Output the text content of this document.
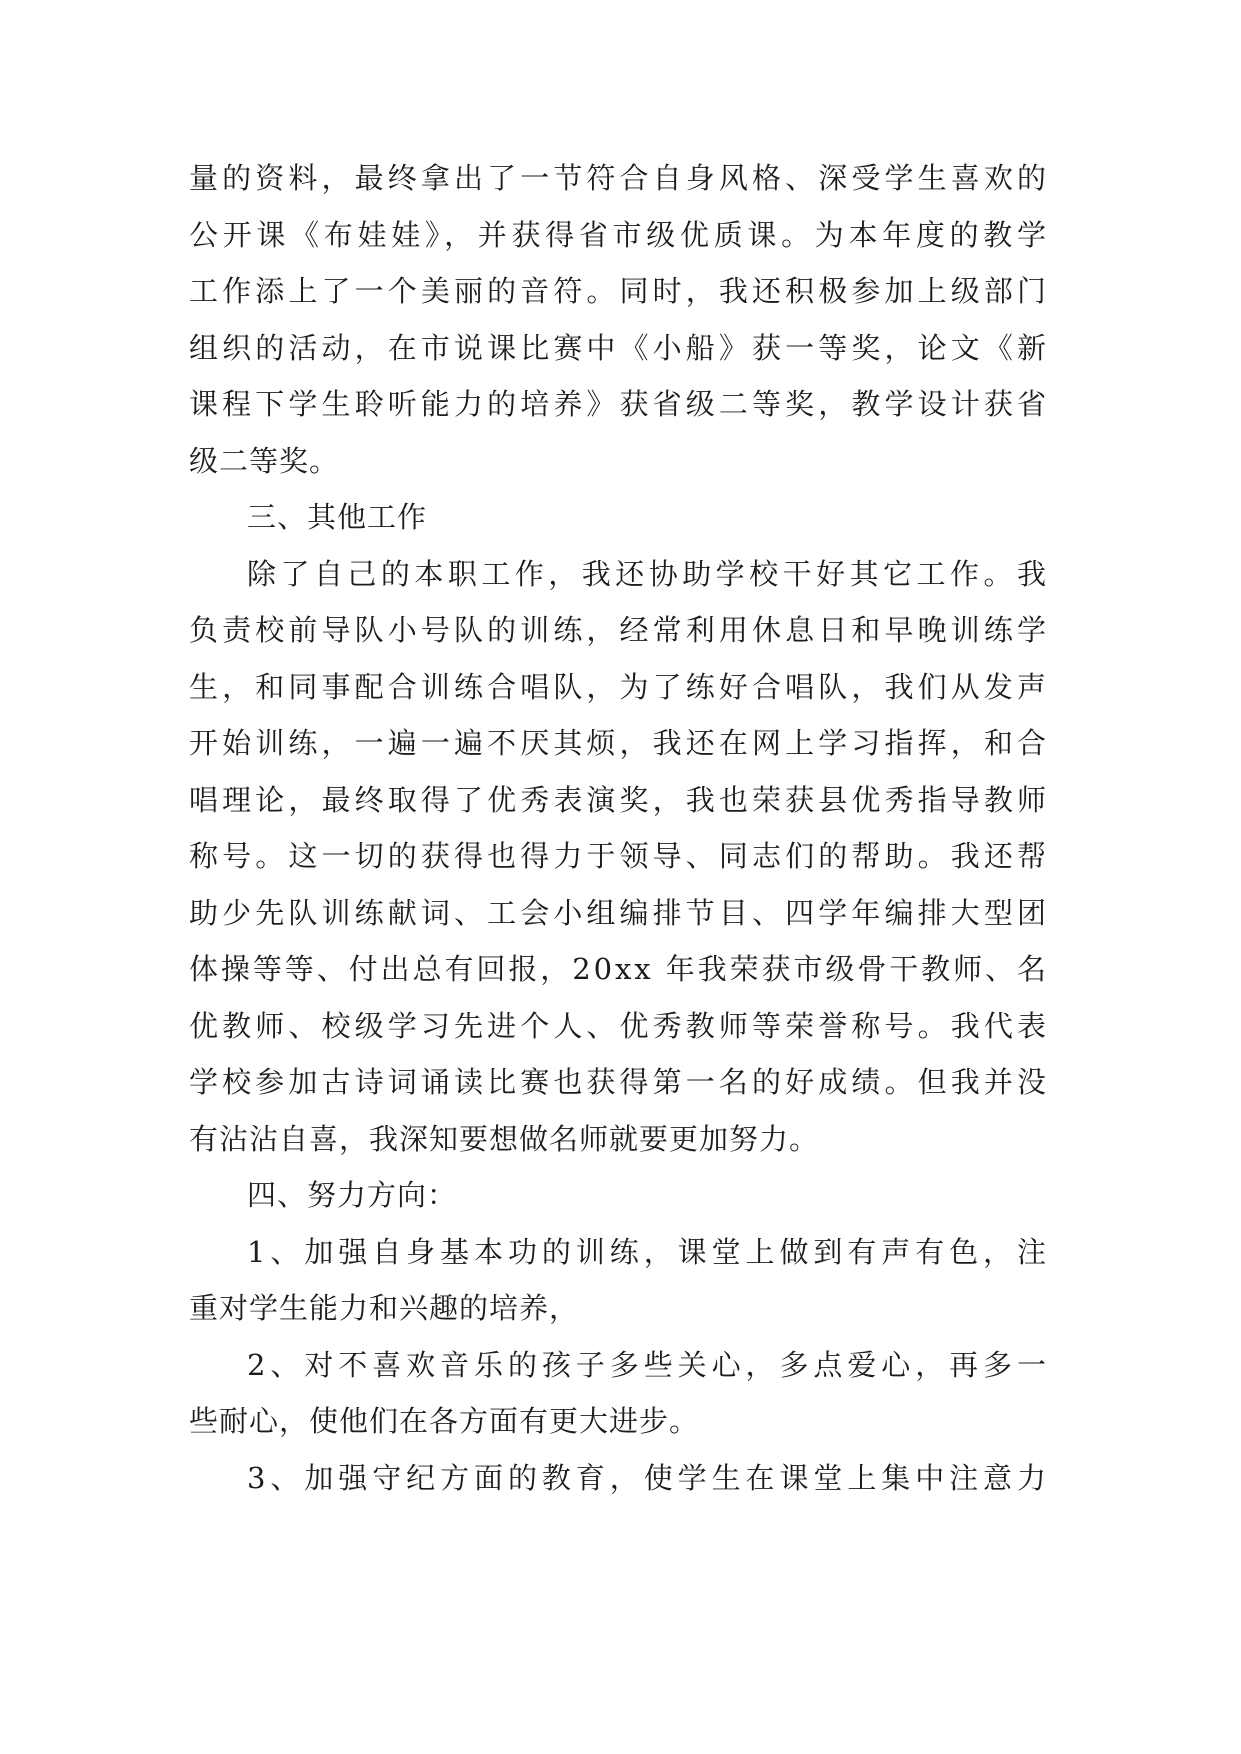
量的资料，最终拿出了一节符合自身风格、深受学生喜欢的
公开课《布娃娃》，并获得省市级优质课。为本年度的教学
工作添上了一个美丽的音符。同时，我还积极参加上级部门
组织的活动，在市说课比赛中《小船》获一等奖，论文《新
课程下学生聆听能力的培养》获省级二等奖，教学设计获省
级二等奖。
三、其他工作
除了自己的本职工作，我还协助学校干好其它工作。我
负责校前导队小号队的训练，经常利用休息日和早晚训练学
生，和同事配合训练合唱队，为了练好合唱队，我们从发声
开始训练，一遍一遍不厌其烦，我还在网上学习指挥，和合
唱理论，最终取得了优秀表演奖，我也荣获县优秀指导教师
称号。这一切的获得也得力于领导、同志们的帮助。我还帮
助少先队训练献词、工会小组编排节目、四学年编排大型团
体操等等、付出总有回报，20xx 年我荣获市级骨干教师、名
优教师、校级学习先进个人、优秀教师等荣誉称号。我代表
学校参加古诗词诵读比赛也获得第一名的好成绩。但我并没
有沾沾自喜，我深知要想做名师就要更加努力。
四、努力方向：
1、加强自身基本功的训练，课堂上做到有声有色，注
重对学生能力和兴趣的培养，
2、对不喜欢音乐的孩子多些关心，多点爱心，再多一
些耐心，使他们在各方面有更大进步。
3、加强守纪方面的教育，使学生在课堂上集中注意力
